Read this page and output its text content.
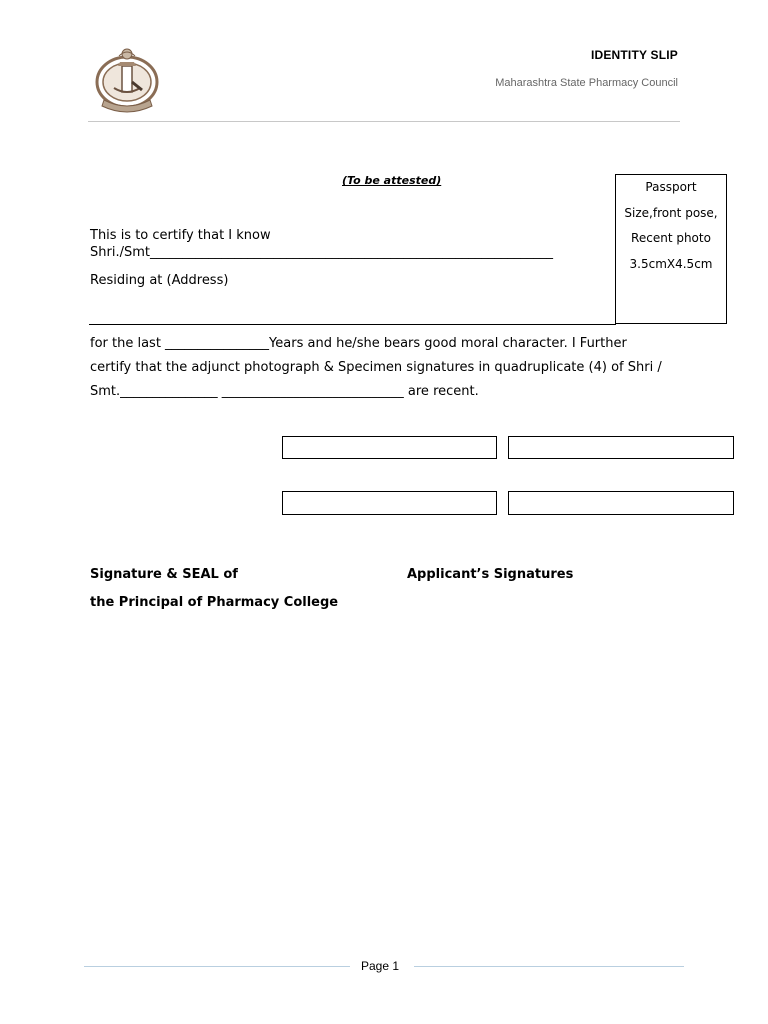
IDENTITY SLIP
Maharashtra State Pharmacy Council
(To be attested)
This is to certify that I know
Shri./Smt______________________________________________________________
Residing at (Address)
for the last ________________Years and he/she bears good moral character. I Further
certify that the adjunct photograph & Specimen signatures in quadruplicate (4) of Shri /
Smt._______________ ____________________________ are recent.
Passport
Size,front pose,
Recent photo
3.5cmX4.5cm
Signature & SEAL of
the Principal of Pharmacy College
Applicant’s Signatures
Page 1
